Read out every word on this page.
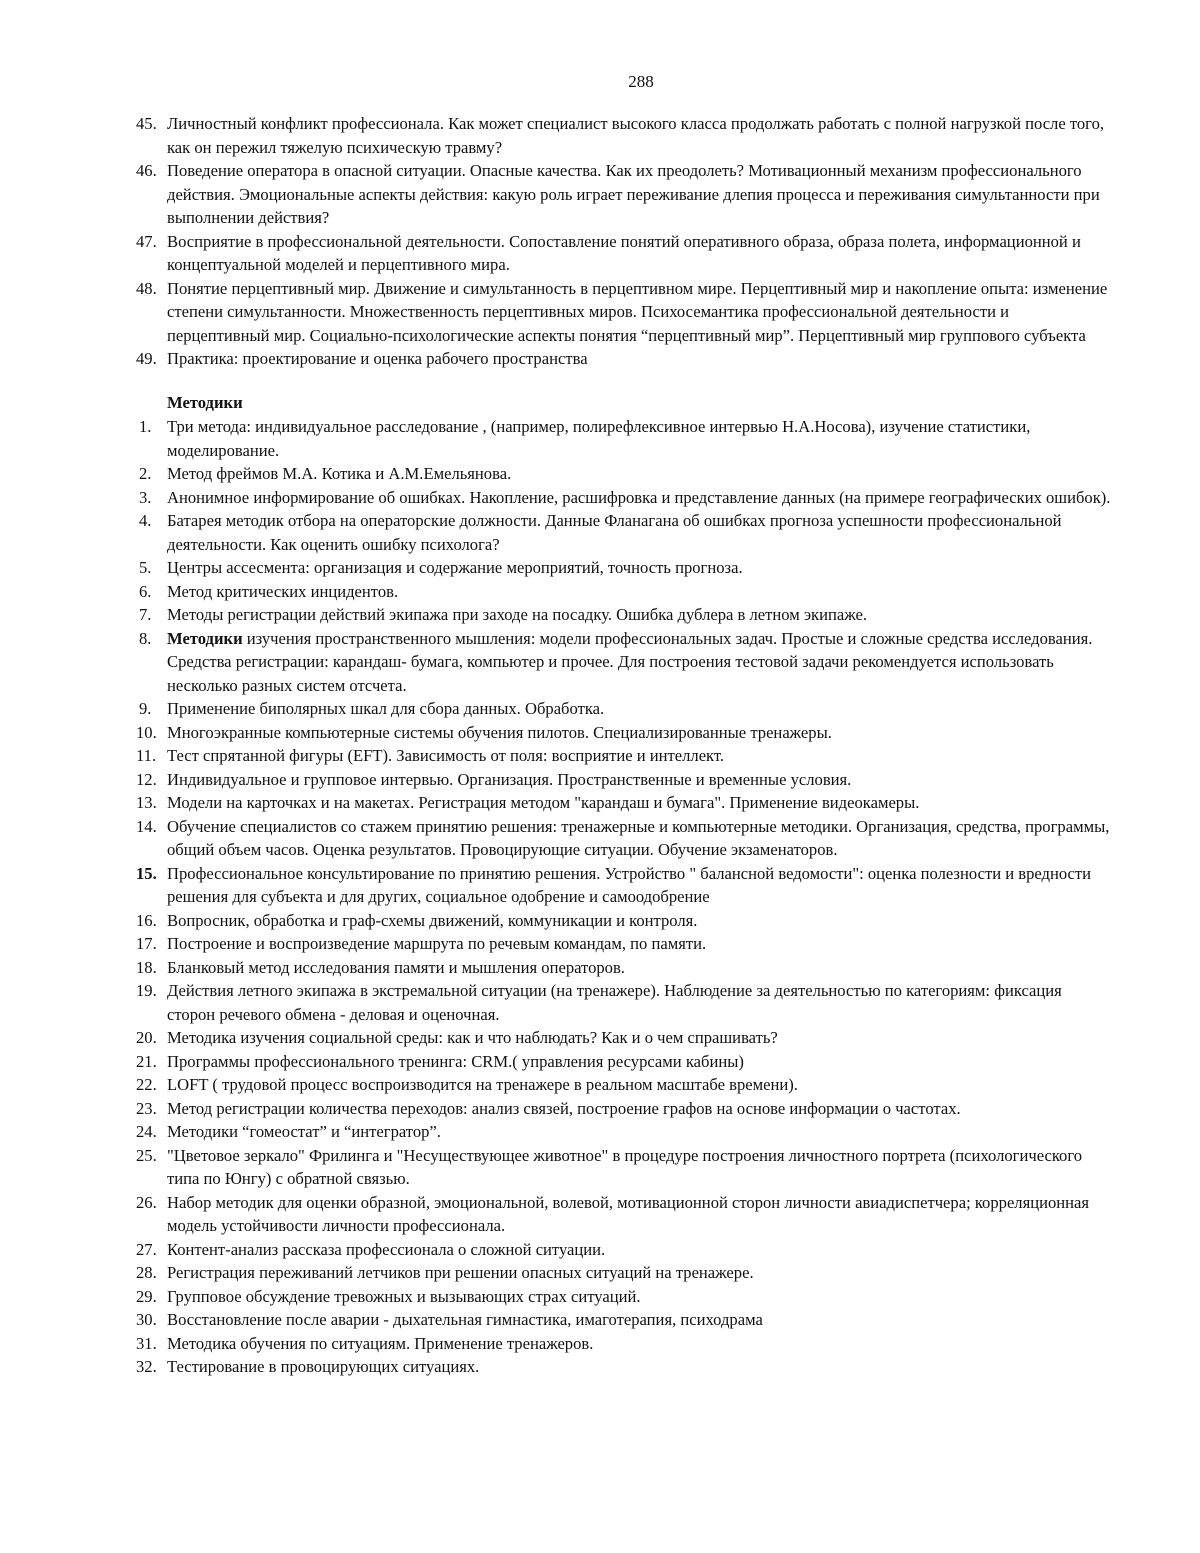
288
45. Личностный конфликт профессионала. Как может специалист высокого класса продолжать работать с полной нагрузкой после того, как он пережил тяжелую психическую травму?
46. Поведение оператора в опасной ситуации. Опасные качества. Как их преодолеть? Мотивационный механизм профессионального действия. Эмоциональные аспекты действия: какую роль играет переживание длепия процесса и переживания симультанности при выполнении действия?
47. Восприятие в профессиональной деятельности. Сопоставление понятий оперативного образа, образа полета, информационной и концептуальной моделей и перцептивного мира.
48. Понятие перцептивный мир. Движение и симультанность в перцептивном мире. Перцептивный мир и накопление опыта: изменение степени симультанности. Множественность перцептивных миров. Психосемантика профессиональной деятельности и перцептивный мир. Социально-психологические аспекты понятия “перцептивный мир”. Перцептивный мир группового субъекта
49. Практика: проектирование и оценка рабочего пространства
Методики
1. Три метода: индивидуальное расследование , (например, полирефлексивное интервью Н.А.Носова), изучение статистики, моделирование.
2. Метод фреймов М.А. Котика и А.М.Емельянова.
3. Анонимное информирование об ошибках. Накопление, расшифровка и представление данных (на примере географических ошибок).
4. Батарея методик отбора на операторские должности. Данные Фланагана об ошибках прогноза успешности профессиональной деятельности. Как оценить ошибку психолога?
5. Центры ассесмента: организация и содержание мероприятий, точность прогноза.
6. Метод критических инцидентов.
7. Методы регистрации действий экипажа при заходе на посадку. Ошибка дублера в летном экипаже.
8. Методики изучения пространственного мышления: модели профессиональных задач. Простые и сложные средства исследования. Средства регистрации: карандаш- бумага, компьютер и прочее. Для построения тестовой задачи рекомендуется использовать несколько разных систем отсчета.
9. Применение биполярных шкал для сбора данных. Обработка.
10. Многоэкранные компьютерные системы обучения пилотов. Специализированные тренажеры.
11. Тест спрятанной фигуры (EFT). Зависимость от поля: восприятие и интеллект.
12. Индивидуальное и групповое интервью. Организация. Пространственные и временные условия.
13. Модели на карточках и на макетах. Регистрация методом "карандаш и бумага". Применение видеокамеры.
14. Обучение специалистов со стажем принятию решения: тренажерные и компьютерные методики. Организация, средства, программы, общий объем часов. Оценка результатов. Провоцирующие ситуации. Обучение экзаменаторов.
15. Профессиональное консультирование по принятию решения. Устройство " балансной ведомости": оценка полезности и вредности решения для субъекта и для других, социальное одобрение и самоодобрение
16. Вопросник, обработка и граф-схемы движений, коммуникации и контроля.
17. Построение и воспроизведение маршрута по речевым командам, по памяти.
18. Бланковый метод исследования памяти и мышления операторов.
19. Действия летного экипажа в экстремальной ситуации (на тренажере). Наблюдение за деятельностью по категориям: фиксация сторон речевого обмена - деловая и оценочная.
20. Методика изучения социальной среды: как и что наблюдать? Как и о чем спрашивать?
21. Программы профессионального тренинга: CRM.( управления ресурсами кабины)
22. LOFT ( трудовой процесс воспроизводится на тренажере в реальном масштабе времени).
23. Метод регистрации количества переходов: анализ связей, построение графов на основе информации о частотах.
24. Методики “гомеостат” и “интегратор”.
25. "Цветовое зеркало" Фрилинга и "Несуществующее животное" в процедуре построения личностного портрета (психологического типа по Юнгу) с обратной связью.
26. Набор методик для оценки образной, эмоциональной, волевой, мотивационной сторон личности авиадиспетчера; корреляционная модель устойчивости личности профессионала.
27. Контент-анализ рассказа профессионала о сложной ситуации.
28. Регистрация переживаний летчиков при решении опасных ситуаций на тренажере.
29. Групповое обсуждение тревожных и вызывающих страх ситуаций.
30. Восстановление после аварии - дыхательная гимнастика, имаготерапия, психодрама
31. Методика обучения по ситуациям. Применение тренажеров.
32. Тестирование в провоцирующих ситуациях.
